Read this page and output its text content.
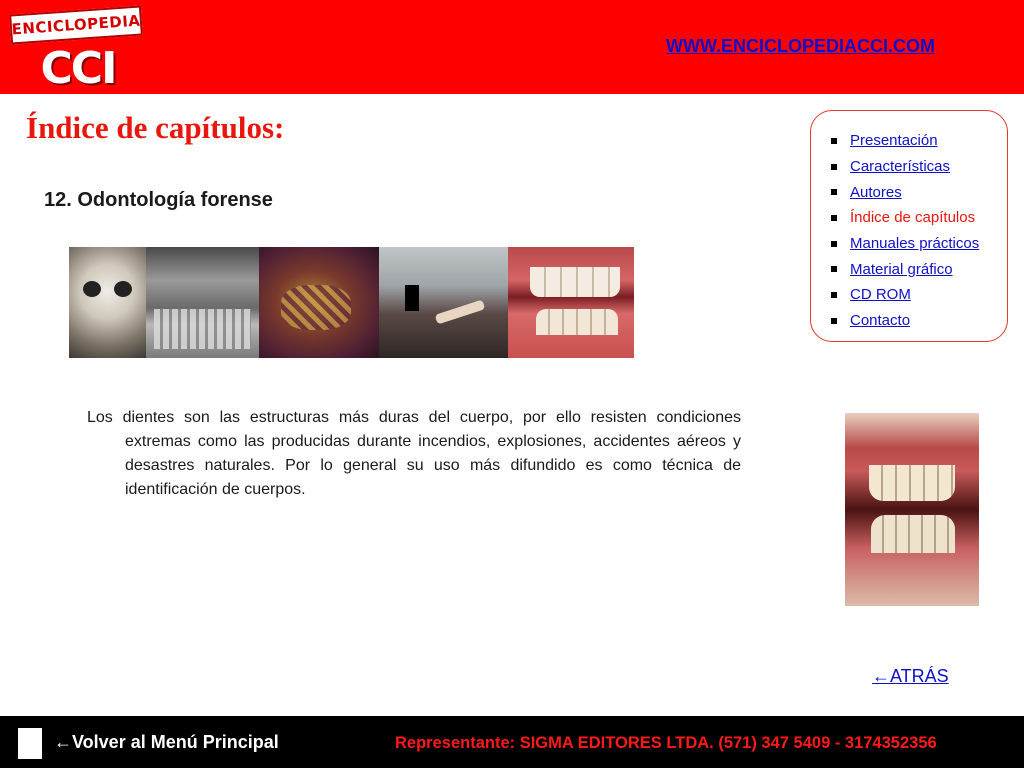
ENCICLOPEDIA
CCI	WWW.ENCICLOPEDIACCI.COM
Índice de capítulos:
12. Odontología forense

Los dientes son las estructuras más duras del cuerpo, por ello resisten condiciones extremas como las producidas durante incendios, explosiones, accidentes aéreos y desastres naturales. Por lo general su uso más difundido es como técnica de identificación de cuerpos.

Presentación
Características
Autores
Índice de capítulos
Manuales prácticos
Material gráfico
CD ROM
Contacto
←ATRÁS
←Volver al Menú Principal	Representante: SIGMA EDITORES LTDA. (571) 347 5409 - 3174352356
